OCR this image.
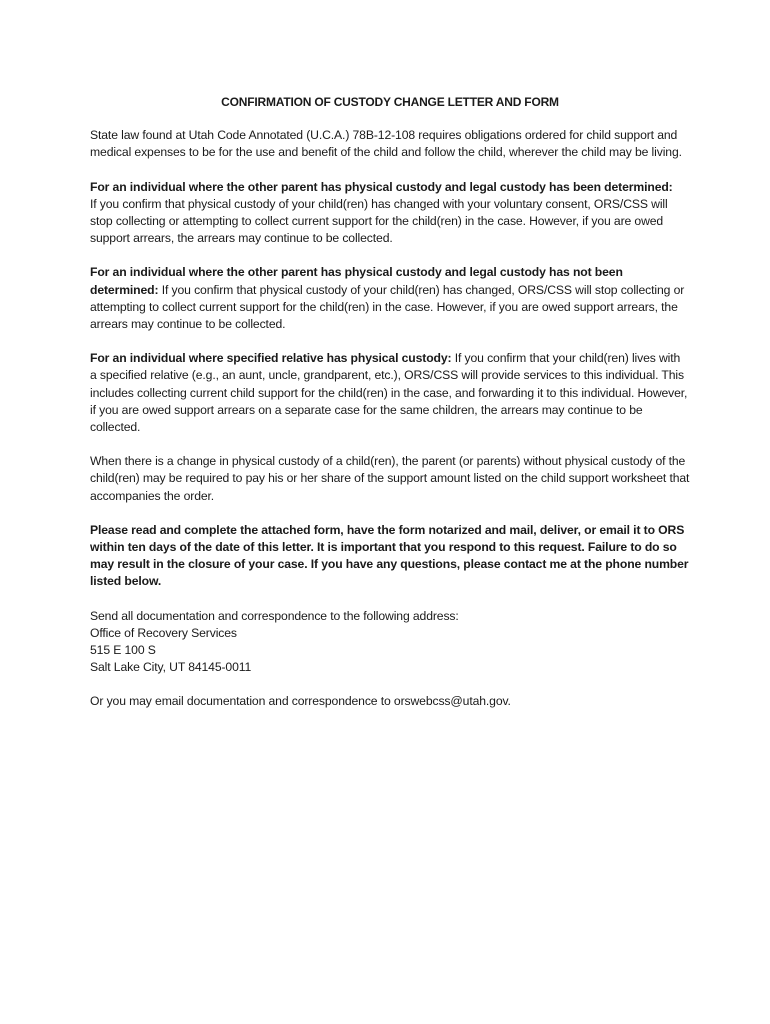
CONFIRMATION OF CUSTODY CHANGE LETTER AND FORM

State law found at Utah Code Annotated (U.C.A.) 78B-12-108 requires obligations ordered for child support and medical expenses to be for the use and benefit of the child and follow the child, wherever the child may be living.

For an individual where the other parent has physical custody and legal custody has been determined:
If you confirm that physical custody of your child(ren) has changed with your voluntary consent, ORS/CSS will stop collecting or attempting to collect current support for the child(ren) in the case. However, if you are owed support arrears, the arrears may continue to be collected.

For an individual where the other parent has physical custody and legal custody has not been determined: If you confirm that physical custody of your child(ren) has changed, ORS/CSS will stop collecting or attempting to collect current support for the child(ren) in the case. However, if you are owed support arrears, the arrears may continue to be collected.

For an individual where specified relative has physical custody: If you confirm that your child(ren) lives with a specified relative (e.g., an aunt, uncle, grandparent, etc.), ORS/CSS will provide services to this individual. This includes collecting current child support for the child(ren) in the case, and forwarding it to this individual. However, if you are owed support arrears on a separate case for the same children, the arrears may continue to be collected.

When there is a change in physical custody of a child(ren), the parent (or parents) without physical custody of the child(ren) may be required to pay his or her share of the support amount listed on the child support worksheet that accompanies the order.

Please read and complete the attached form, have the form notarized and mail, deliver, or email it to ORS within ten days of the date of this letter. It is important that you respond to this request. Failure to do so may result in the closure of your case. If you have any questions, please contact me at the phone number listed below.

Send all documentation and correspondence to the following address:
Office of Recovery Services
515 E 100 S
Salt Lake City, UT 84145-0011

Or you may email documentation and correspondence to orswebcss@utah.gov.
